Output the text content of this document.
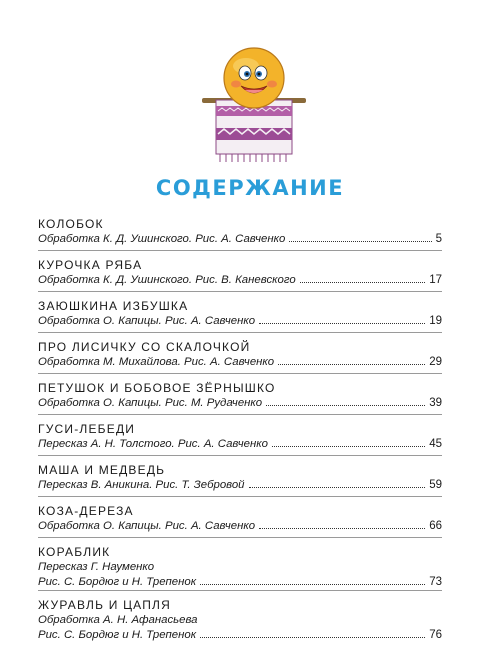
СОДЕРЖАНИЕ
КОЛОБОК
Обработка К. Д. Ушинского. Рис. А. Савченко	5
КУРОЧКА РЯБА
Обработка К. Д. Ушинского. Рис. В. Каневского	17
ЗАЮШКИНА ИЗБУШКА
Обработка О. Капицы. Рис. А. Савченко	19
ПРО ЛИСИЧКУ СО СКАЛОЧКОЙ
Обработка М. Михайлова. Рис. А. Савченко	29
ПЕТУШОК И БОБОВОЕ ЗЁРНЫШКО
Обработка О. Капицы. Рис. М. Рудаченко	39
ГУСИ-ЛЕБЕДИ
Пересказ А. Н. Толстого. Рис. А. Савченко	45
МАША И МЕДВЕДЬ
Пересказ В. Аникина. Рис. Т. Зебровой	59
КОЗА-ДЕРЕЗА
Обработка О. Капицы. Рис. А. Савченко	66
КОРАБЛИК
Пересказ Г. Науменко
Рис. С. Бордюг и Н. Трепенок	73
ЖУРАВЛЬ И ЦАПЛЯ
Обработка А. Н. Афанасьева
Рис. С. Бордюг и Н. Трепенок	76
